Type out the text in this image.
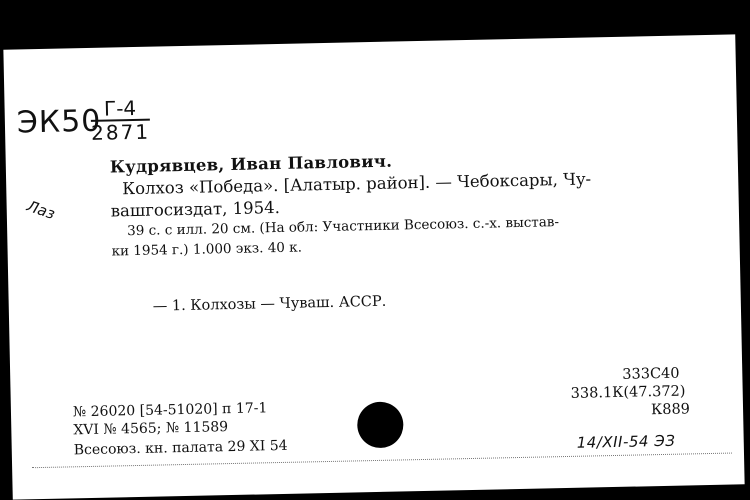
ЭК50 Г-4
2871
Лаз
Кудрявцев, Иван Павлович.
Колхоз «Победа». [Алатыр. район]. — Чебоксары, Чу-
вашгосиздат, 1954.
39 с. с илл. 20 см. (На обл: Участники Всесоюз. с.-х. выстав-
ки 1954 г.) 1.000 экз. 40 к.
— 1. Колхозы — Чуваш. АССР.
333С40
338.1К(47.372)
К889
№ 26020 [54-51020] п 17-1
XVI № 4565; № 11589
Всесоюз. кн. палата 29 XI 54	14/XII-54 ЭЗ
